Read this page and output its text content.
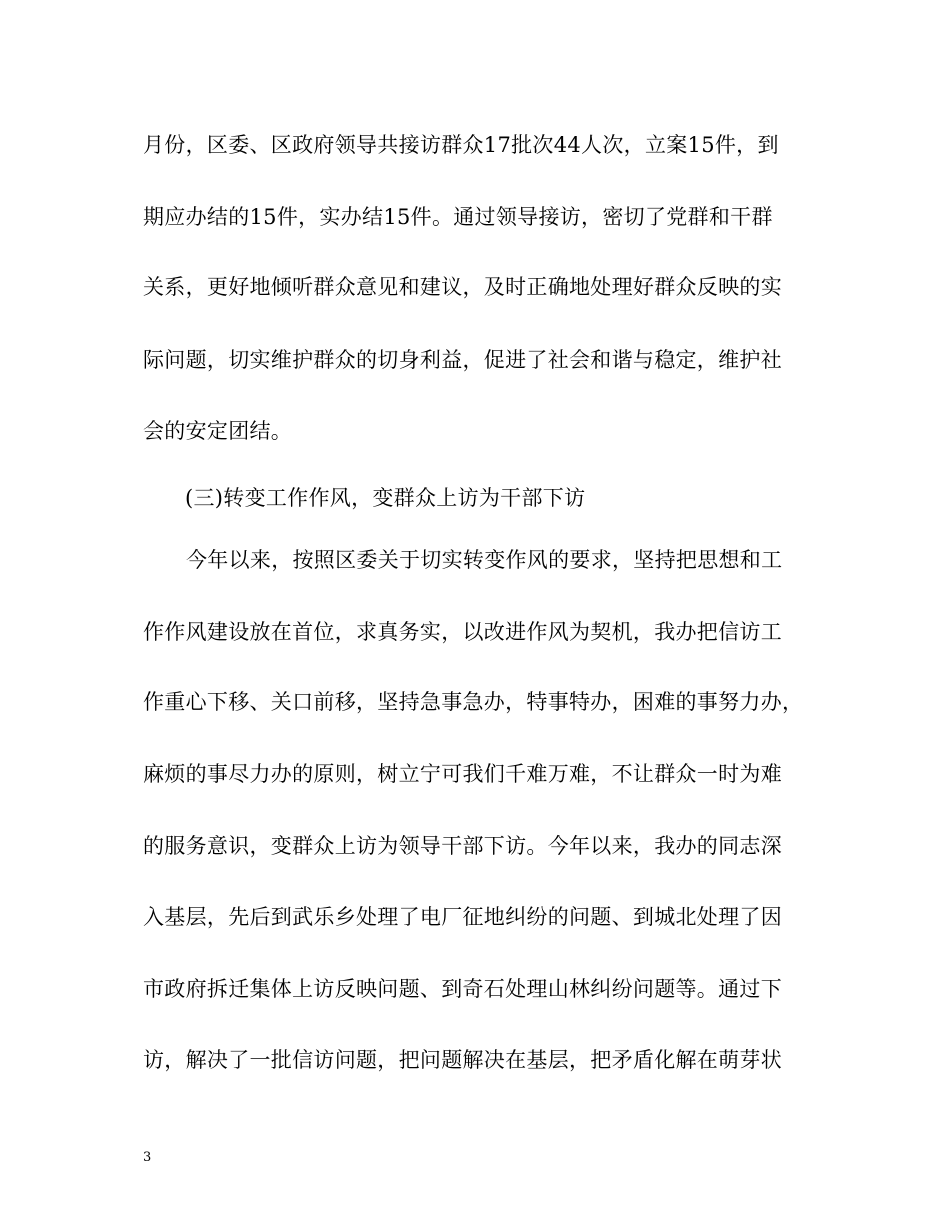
月份，区委、区政府领导共接访群众17批次44人次，立案15件，到
期应办结的15件，实办结15件。通过领导接访，密切了党群和干群
关系，更好地倾听群众意见和建议，及时正确地处理好群众反映的实
际问题，切实维护群众的切身利益，促进了社会和谐与稳定，维护社
会的安定团结。
(三)转变工作作风，变群众上访为干部下访
今年以来，按照区委关于切实转变作风的要求，坚持把思想和工
作作风建设放在首位，求真务实，以改进作风为契机，我办把信访工
作重心下移、关口前移，坚持急事急办，特事特办，困难的事努力办，
麻烦的事尽力办的原则，树立宁可我们千难万难，不让群众一时为难
的服务意识，变群众上访为领导干部下访。今年以来，我办的同志深
入基层，先后到武乐乡处理了电厂征地纠纷的问题、到城北处理了因
市政府拆迁集体上访反映问题、到奇石处理山林纠纷问题等。通过下
访，解决了一批信访问题，把问题解决在基层，把矛盾化解在萌芽状
3
